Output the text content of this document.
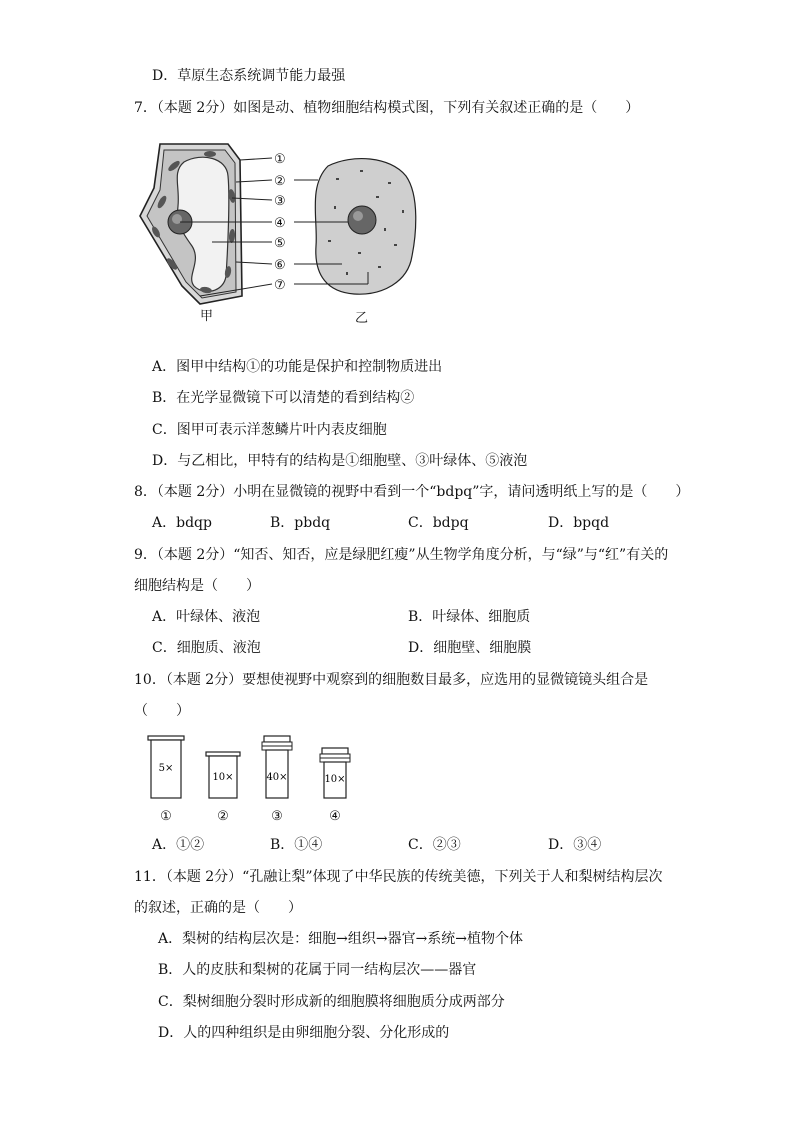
D．草原生态系统调节能力最强
7．（本题 2分）如图是动、植物细胞结构模式图，下列有关叙述正确的是（　　）
①
②
③
④
⑤
⑥
⑦
甲	乙
A．图甲中结构①的功能是保护和控制物质进出
B．在光学显微镜下可以清楚的看到结构②
C．图甲可表示洋葱鳞片叶内表皮细胞
D．与乙相比，甲特有的结构是①细胞壁、③叶绿体、⑤液泡
8．（本题 2分）小明在显微镜的视野中看到一个“bdpq”字，请问透明纸上写的是（　　）
A．bdqp	B．pbdq	C．bdpq	D．bpqd
9．（本题 2分）“知否、知否，应是绿肥红瘦”从生物学角度分析，与“绿”与“红”有关的
细胞结构是（　　）
A．叶绿体、液泡	B．叶绿体、细胞质
C．细胞质、液泡	D．细胞壁、细胞膜
10．（本题 2分）要想使视野中观察到的细胞数目最多，应选用的显微镜镜头组合是
（　　）
5×
10×	40×	10×
①	②	③	④
A．①②	B．①④	C．②③	D．③④
11．（本题 2分）“孔融让梨”体现了中华民族的传统美德，下列关于人和梨树结构层次
的叙述，正确的是（　　）
A．梨树的结构层次是：细胞→组织→器官→系统→植物个体
B．人的皮肤和梨树的花属于同一结构层次——器官
C．梨树细胞分裂时形成新的细胞膜将细胞质分成两部分
D．人的四种组织是由卵细胞分裂、分化形成的
